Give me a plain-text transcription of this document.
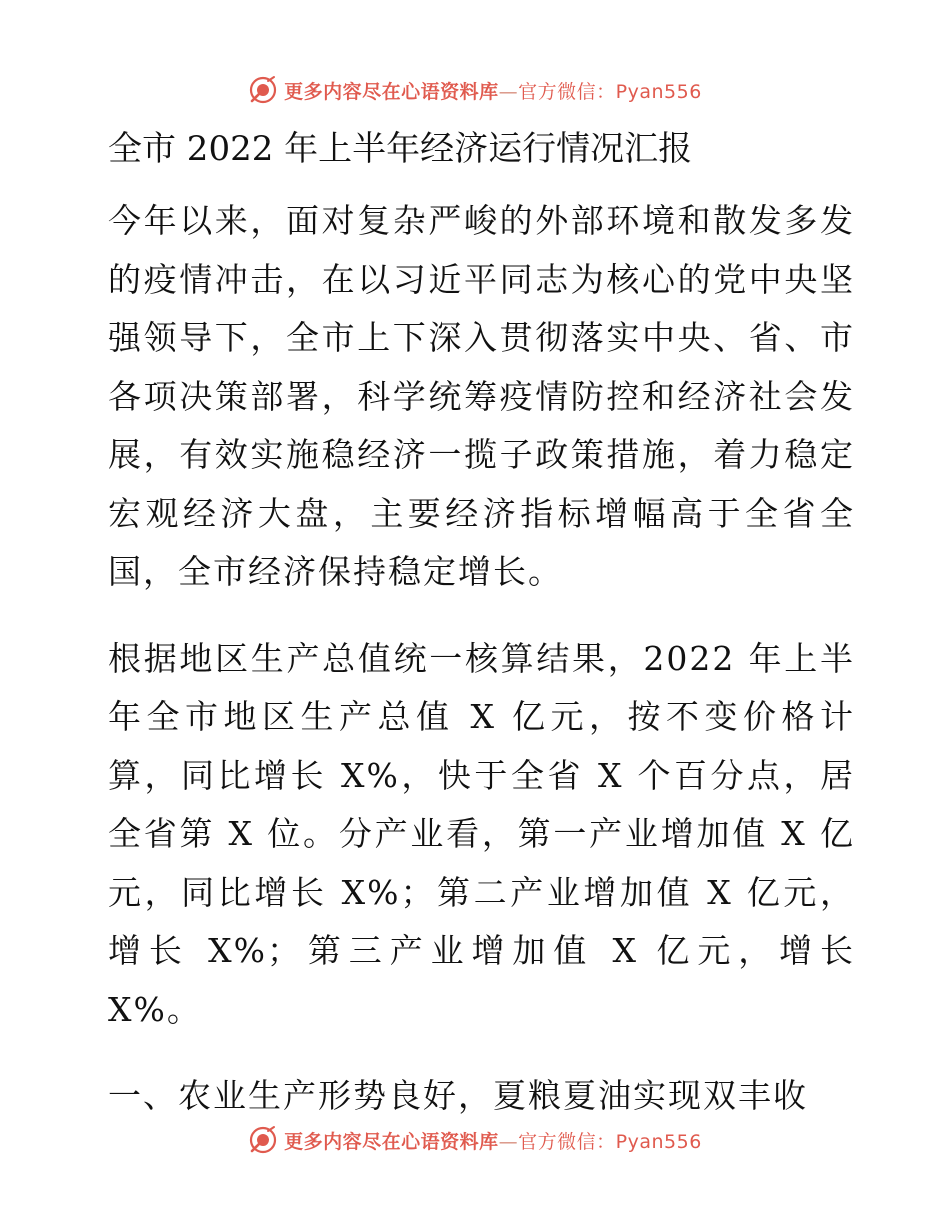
更多内容尽在心语资料库—官方微信：Pyan556
全市 2022 年上半年经济运行情况汇报

今年以来，面对复杂严峻的外部环境和散发多发的疫情冲击，在以习近平同志为核心的党中央坚强领导下，全市上下深入贯彻落实中央、省、市各项决策部署，科学统筹疫情防控和经济社会发展，有效实施稳经济一揽子政策措施，着力稳定宏观经济大盘，主要经济指标增幅高于全省全国，全市经济保持稳定增长。

根据地区生产总值统一核算结果，2022 年上半年全市地区生产总值 X 亿元，按不变价格计算，同比增长 X%，快于全省 X 个百分点，居全省第 X 位。分产业看，第一产业增加值 X 亿元，同比增长 X%；第二产业增加值 X 亿元，增长 X%；第三产业增加值 X 亿元，增长 X%。

一、农业生产形势良好，夏粮夏油实现双丰收

更多内容尽在心语资料库—官方微信：Pyan556
